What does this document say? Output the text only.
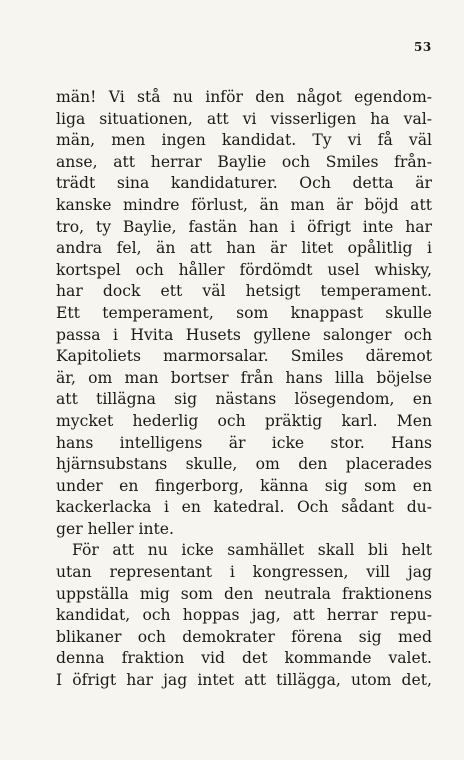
53
män! Vi stå nu inför den något egendom-
liga situationen, att vi visserligen ha val-
män, men ingen kandidat. Ty vi få väl
anse, att herrar Baylie och Smiles från-
trädt sina kandidaturer. Och detta är
kanske mindre förlust, än man är böjd att
tro, ty Baylie, fastän han i öfrigt inte har
andra fel, än att han är litet opålitlig i
kortspel och håller fördömdt usel whisky,
har dock ett väl hetsigt temperament.
Ett temperament, som knappast skulle
passa i Hvita Husets gyllene salonger och
Kapitoliets marmorsalar. Smiles däremot
är, om man bortser från hans lilla böjelse
att tillägna sig nästans lösegendom, en
mycket hederlig och präktig karl. Men
hans intelligens är icke stor. Hans
hjärnsubstans skulle, om den placerades
under en fingerborg, känna sig som en
kackerlacka i en katedral. Och sådant du-
ger heller inte.
För att nu icke samhället skall bli helt
utan representant i kongressen, vill jag
uppställa mig som den neutrala fraktionens
kandidat, och hoppas jag, att herrar repu-
blikaner och demokrater förena sig med
denna fraktion vid det kommande valet.
I öfrigt har jag intet att tillägga, utom det,
